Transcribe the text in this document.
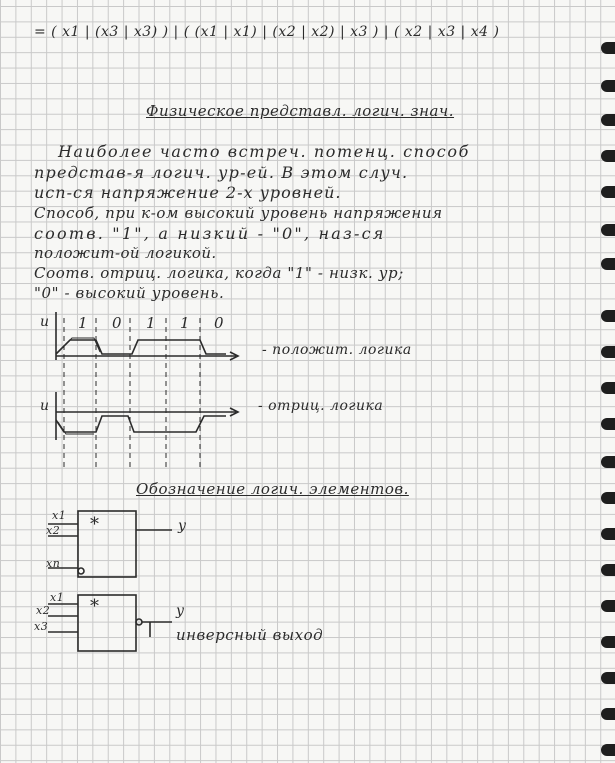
= ( x1 | (x3 | x3) ) | ( (x1 | x1) | (x2 | x2) | x3 ) | ( x2 | x3 | x4 )
Физическое представл. логич. знач.
Наиболее часто встреч. потенц. способ
представ-я логич. ур-ей. В этом случ.
исп-ся напряжение 2-х уровней.
Способ, при к-ом высокий уровень напряжения
соотв. "1", а низкий - "0", наз-ся
положит-ой логикой.
Соотв. отриц. логика, когда "1" - низк. ур;
"0" - высокий уровень.
u 1 0 1 1 0
- положит. логика
u	- отриц. логика
Обозначение логич. элементов.
x1
x2
xn
*	y
x1
x2
x3
*	y
инверсный выход
